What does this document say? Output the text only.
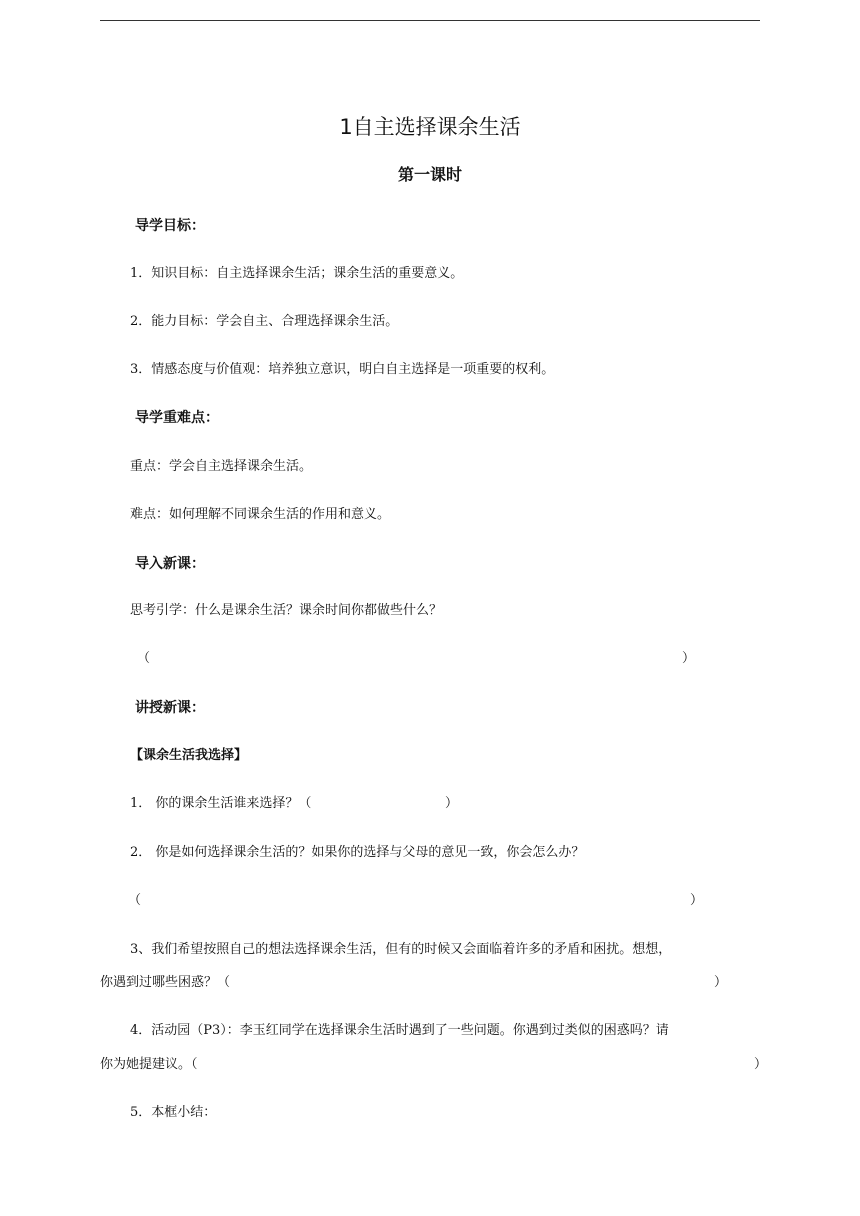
1自主选择课余生活
第一课时
导学目标：
1．知识目标：自主选择课余生活；课余生活的重要意义。
2．能力目标：学会自主、合理选择课余生活。
3．情感态度与价值观：培养独立意识，明白自主选择是一项重要的权利。
导学重难点：
重点：学会自主选择课余生活。
难点：如何理解不同课余生活的作用和意义。
导入新课：
思考引学：什么是课余生活？课余时间你都做些什么？
（	）
讲授新课：
【课余生活我选择】
1． 你的课余生活谁来选择？（	）
2． 你是如何选择课余生活的？如果你的选择与父母的意见一致，你会怎么办？
（	）
3、我们希望按照自己的想法选择课余生活，但有的时候又会面临着许多的矛盾和困扰。想想，
你遇到过哪些困惑？（	）
4．活动园（P3）：李玉红同学在选择课余生活时遇到了一些问题。你遇到过类似的困惑吗？请
你为她提建议。（	）
5．本框小结：
